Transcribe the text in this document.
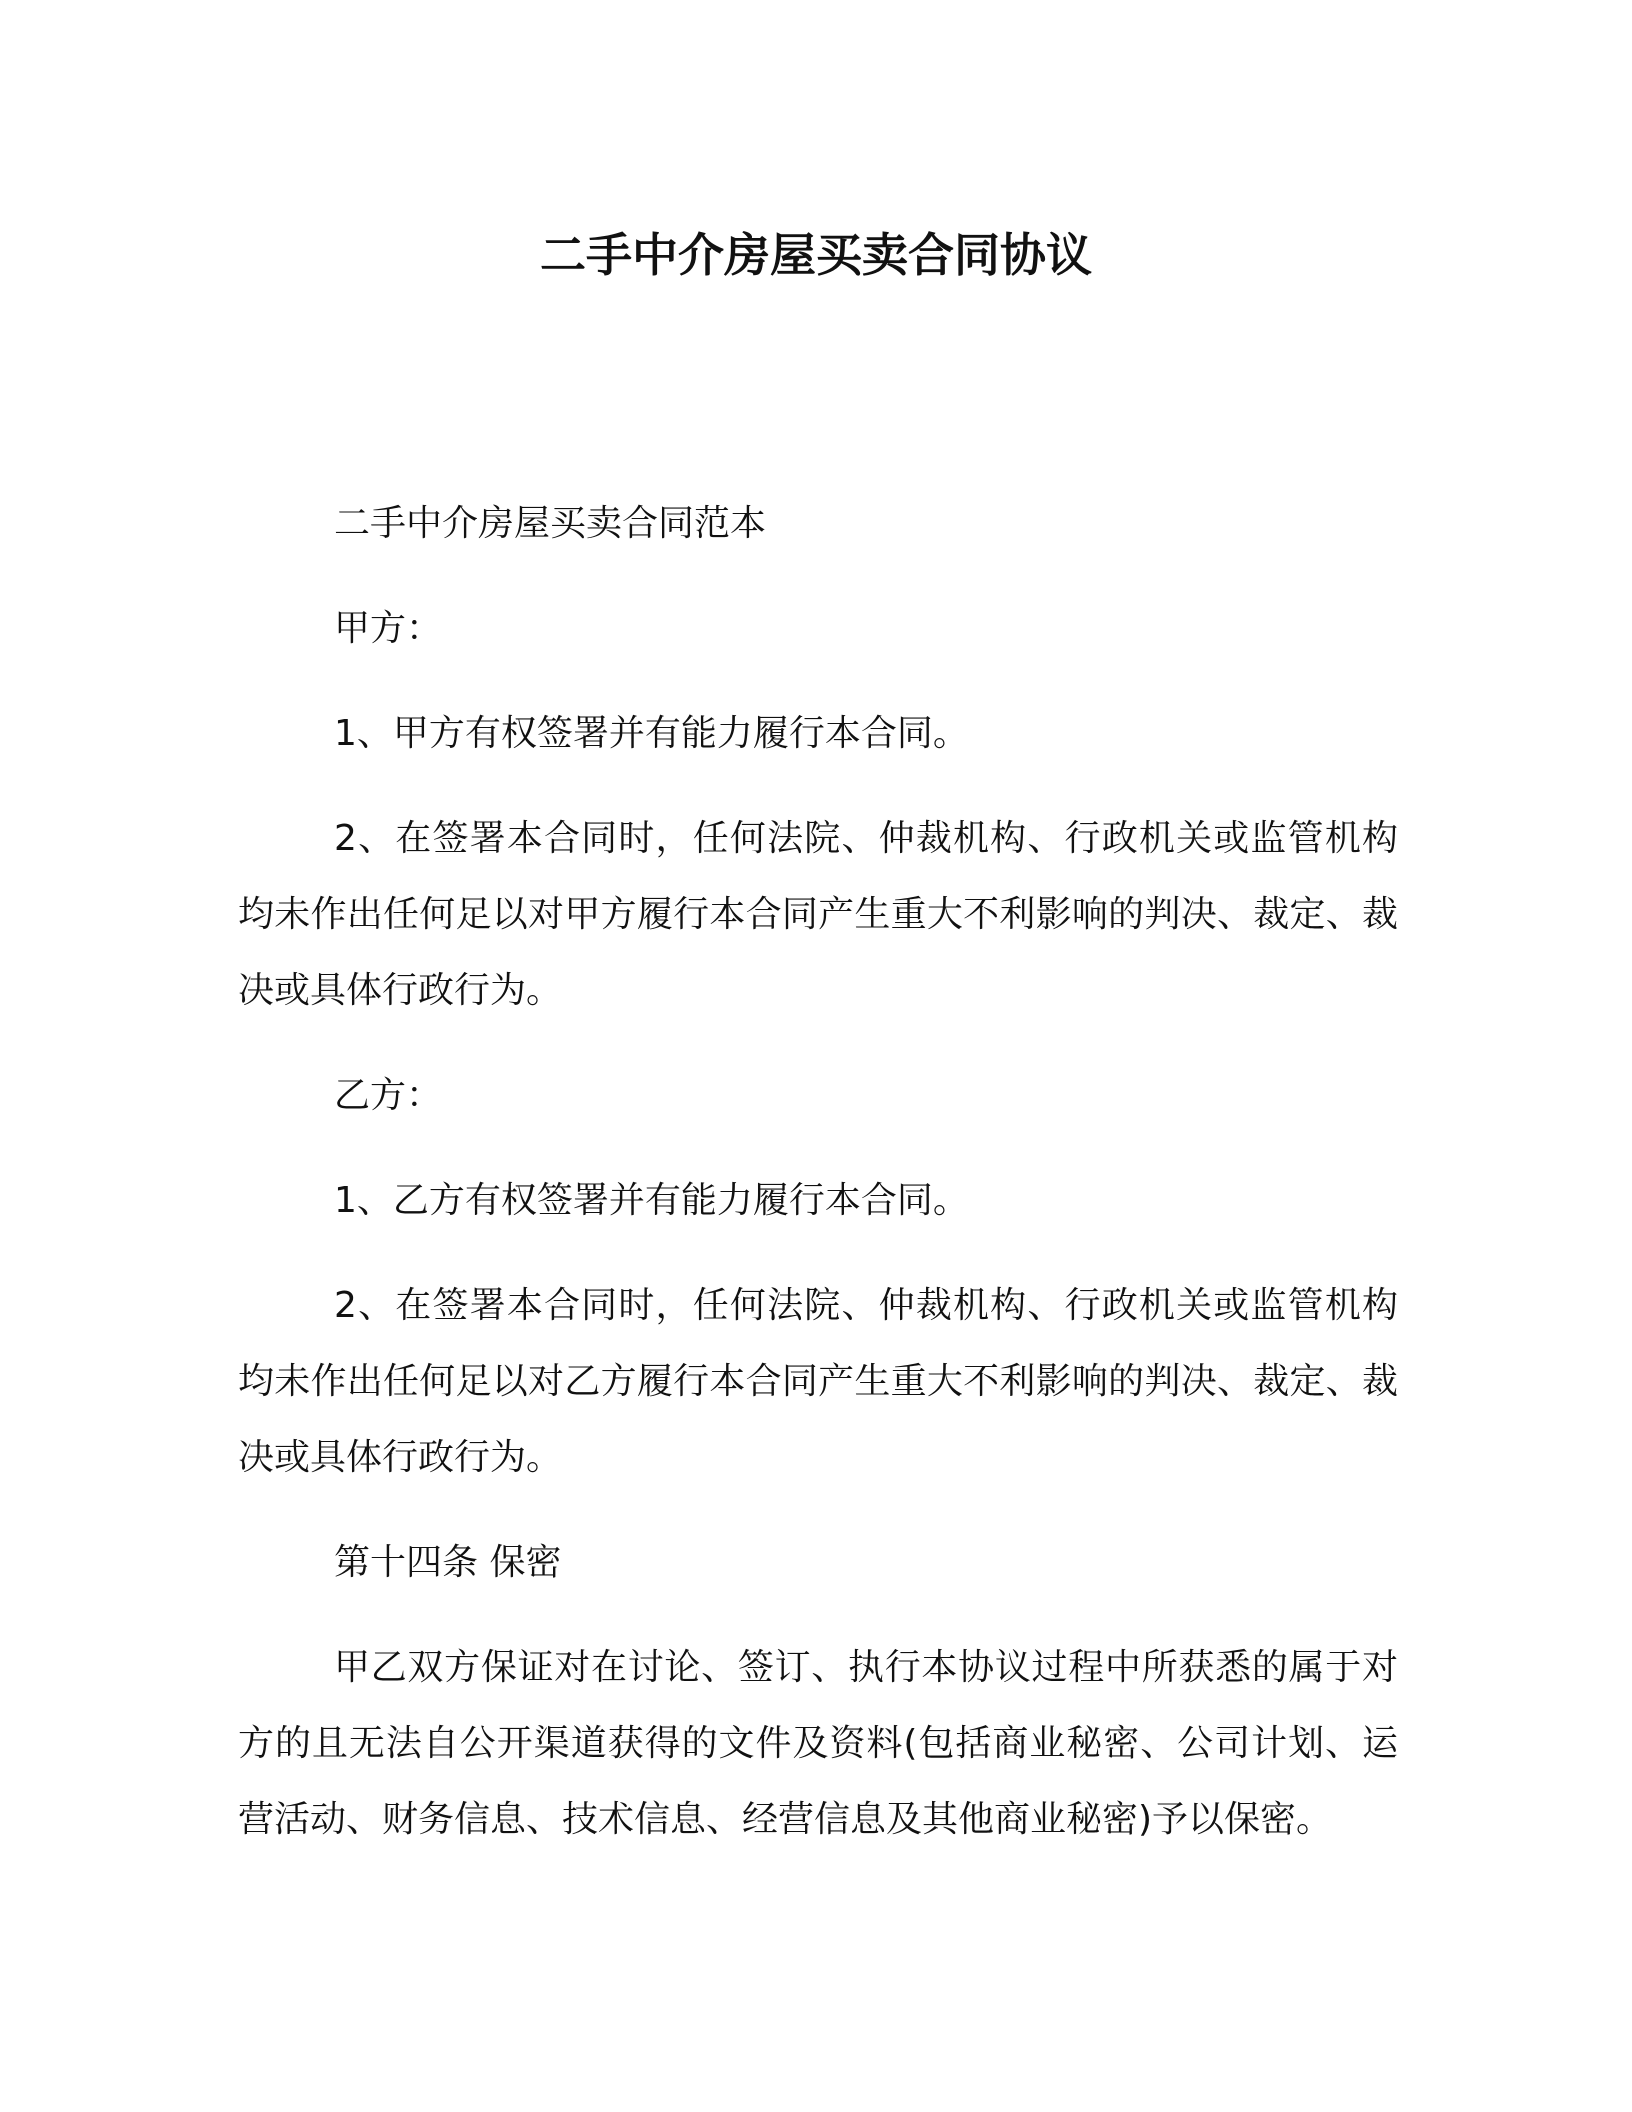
二手中介房屋买卖合同协议

二手中介房屋买卖合同范本

甲方：

1、甲方有权签署并有能力履行本合同。

2、在签署本合同时，任何法院、仲裁机构、行政机关或监管机构均未作出任何足以对甲方履行本合同产生重大不利影响的判决、裁定、裁决或具体行政行为。

乙方：

1、乙方有权签署并有能力履行本合同。

2、在签署本合同时，任何法院、仲裁机构、行政机关或监管机构均未作出任何足以对乙方履行本合同产生重大不利影响的判决、裁定、裁决或具体行政行为。

第十四条 保密

甲乙双方保证对在讨论、签订、执行本协议过程中所获悉的属于对方的且无法自公开渠道获得的文件及资料(包括商业秘密、公司计划、运营活动、财务信息、技术信息、经营信息及其他商业秘密)予以保密。
